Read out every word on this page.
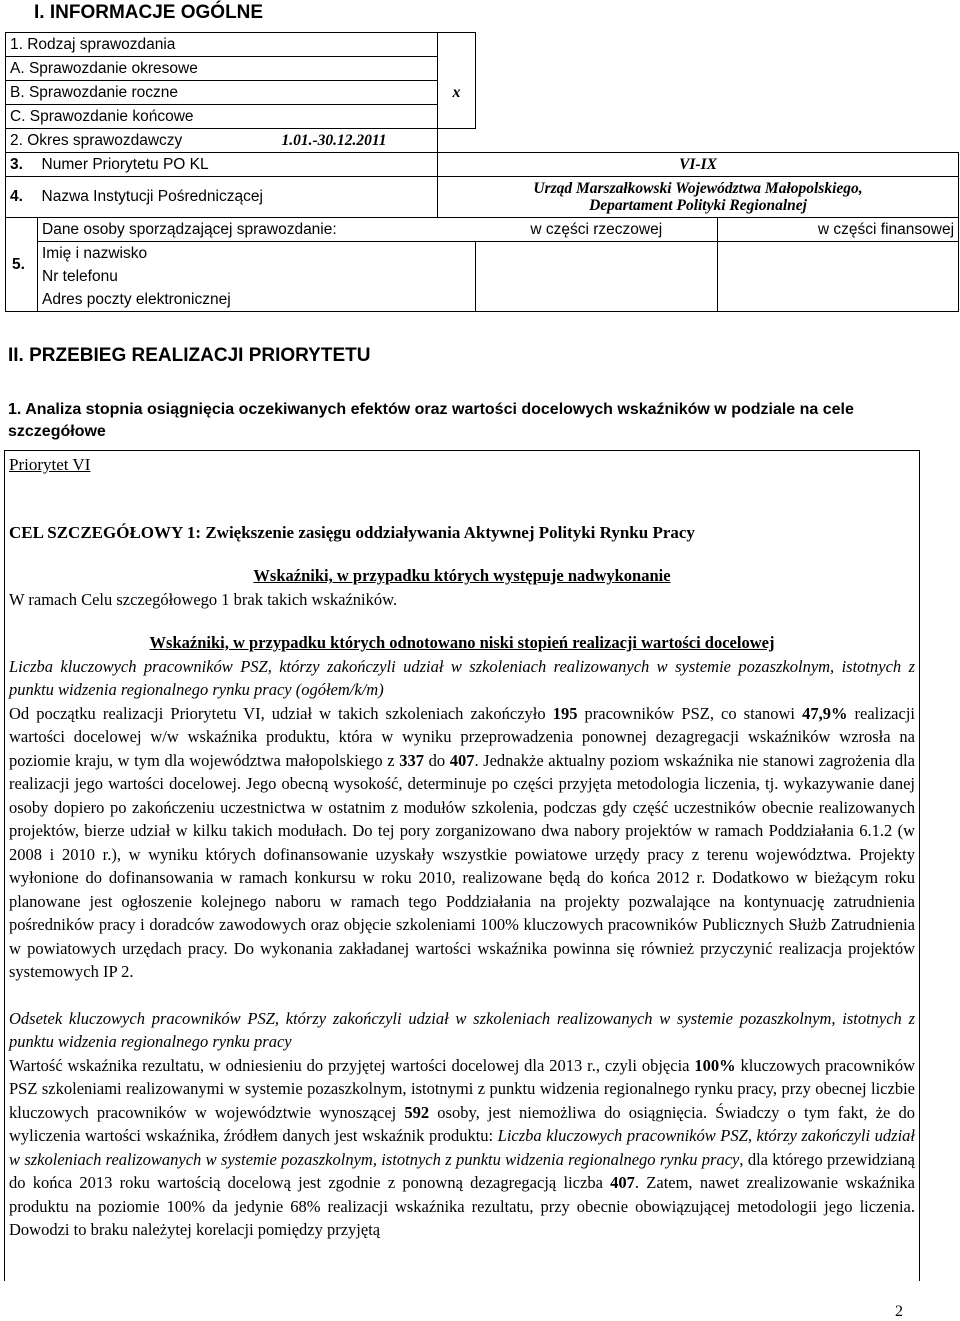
I. INFORMACJE OGÓLNE
1. Rodzaj sprawozdania					
A. Sprawozdanie okresowe					
B. Sprawozdanie roczne			x		
C. Sprawozdanie końcowe					
2. Okres sprawozdawczy		1.01.-30.12.2011			
3.	Numer Priorytetu PO KL		VI-IX		
4.	Nazwa Instytucji Pośredniczącej		Urząd Marszałkowski Województwa Małopolskiego,
Departament Polityki Regionalnej		
5.	Dane osoby sporządzającej sprawozdanie:			w części rzeczowej	w części finansowej
	Imię i nazwisko				
	Nr telefonu				
	Adres poczty elektronicznej				
II. PRZEBIEG REALIZACJI PRIORYTETU
1. Analiza stopnia osiągnięcia oczekiwanych efektów oraz wartości docelowych wskaźników w podziale na cele szczegółowe

Priorytet VI

CEL SZCZEGÓŁOWY 1: Zwiększenie zasięgu oddziaływania Aktywnej Polityki Rynku Pracy

Wskaźniki, w przypadku których występuje nadwykonanie

W ramach Celu szczegółowego 1 brak takich wskaźników.

Wskaźniki, w przypadku których odnotowano niski stopień realizacji wartości docelowej

Liczba kluczowych pracowników PSZ, którzy zakończyli udział w szkoleniach realizowanych w systemie pozaszkolnym, istotnych z punktu widzenia regionalnego rynku pracy (ogółem/k/m)

Od początku realizacji Priorytetu VI, udział w takich szkoleniach zakończyło 195 pracowników PSZ, co stanowi 47,9% realizacji wartości docelowej w/w wskaźnika produktu, która w wyniku przeprowadzenia ponownej dezagregacji wskaźników wzrosła na poziomie kraju, w tym dla województwa małopolskiego z 337 do 407. Jednakże aktualny poziom wskaźnika nie stanowi zagrożenia dla realizacji jego wartości docelowej. Jego obecną wysokość, determinuje po części przyjęta metodologia liczenia, tj. wykazywanie danej osoby dopiero po zakończeniu uczestnictwa w ostatnim z modułów szkolenia, podczas gdy część uczestników obecnie realizowanych projektów, bierze udział w kilku takich modułach. Do tej pory zorganizowano dwa nabory projektów w ramach Poddziałania 6.1.2 (w 2008 i 2010 r.), w wyniku których dofinansowanie uzyskały wszystkie powiatowe urzędy pracy z terenu województwa. Projekty wyłonione do dofinansowania w ramach konkursu w roku 2010, realizowane będą do końca 2012 r. Dodatkowo w bieżącym roku planowane jest ogłoszenie kolejnego naboru w ramach tego Poddziałania na projekty pozwalające na kontynuację zatrudnienia pośredników pracy i doradców zawodowych oraz objęcie szkoleniami 100% kluczowych pracowników Publicznych Służb Zatrudnienia w powiatowych urzędach pracy. Do wykonania zakładanej wartości wskaźnika powinna się również przyczynić realizacja projektów systemowych IP 2.

Odsetek kluczowych pracowników PSZ, którzy zakończyli udział w szkoleniach realizowanych w systemie pozaszkolnym, istotnych z punktu widzenia regionalnego rynku pracy

Wartość wskaźnika rezultatu, w odniesieniu do przyjętej wartości docelowej dla 2013 r., czyli objęcia 100% kluczowych pracowników PSZ szkoleniami realizowanymi w systemie pozaszkolnym, istotnymi z punktu widzenia regionalnego rynku pracy, przy obecnej liczbie kluczowych pracowników w województwie wynoszącej 592 osoby, jest niemożliwa do osiągnięcia. Świadczy o tym fakt, że do wyliczenia wartości wskaźnika, źródłem danych jest wskaźnik produktu: Liczba kluczowych pracowników PSZ, którzy zakończyli udział w szkoleniach realizowanych w systemie pozaszkolnym, istotnych z punktu widzenia regionalnego rynku pracy, dla którego przewidzianą do końca 2013 roku wartością docelową jest zgodnie z ponowną dezagregacją liczba 407. Zatem, nawet zrealizowanie wskaźnika produktu na poziomie 100% da jedynie 68% realizacji wskaźnika rezultatu, przy obecnie obowiązującej metodologii jego liczenia. Dowodzi to braku należytej korelacji pomiędzy przyjętą

2
